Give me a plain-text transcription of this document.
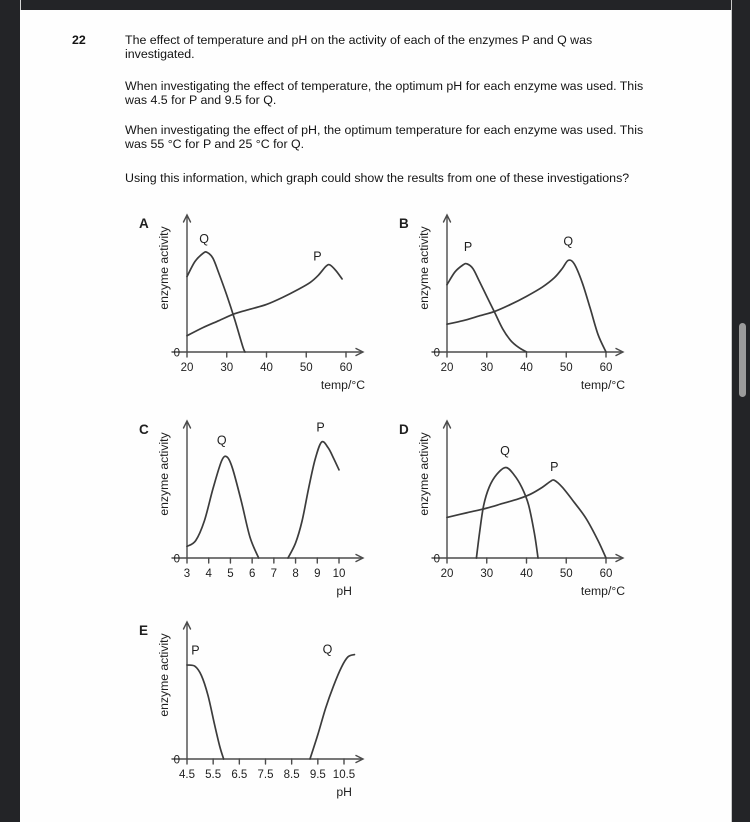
22	The effect of temperature and pH on the activity of each of the enzymes P and Q was
investigated.
When investigating the effect of temperature, the optimum pH for each enzyme was used. This
was 4.5 for P and 9.5 for Q.
When investigating the effect of pH, the optimum temperature for each enzyme was used. This
was 55 °C for P and 25 °C for Q.
Using this information, which graph could show the results from one of these investigations?
20 30 40 50 60
0
temp/°C
enzyme activity
A
Q
P
20 30 40 50 60
0
temp/°C
enzyme activity
B
P	Q
3 4 5 6 7 8 9 10
0
pH
enzyme activity
C
Q
P
20 30 40 50 60
0
temp/°C
enzyme activity
D
P
Q
4.5 5.5 6.5 7.5 8.5 9.5 10.5
0
pH
enzyme activity
E
P	Q
